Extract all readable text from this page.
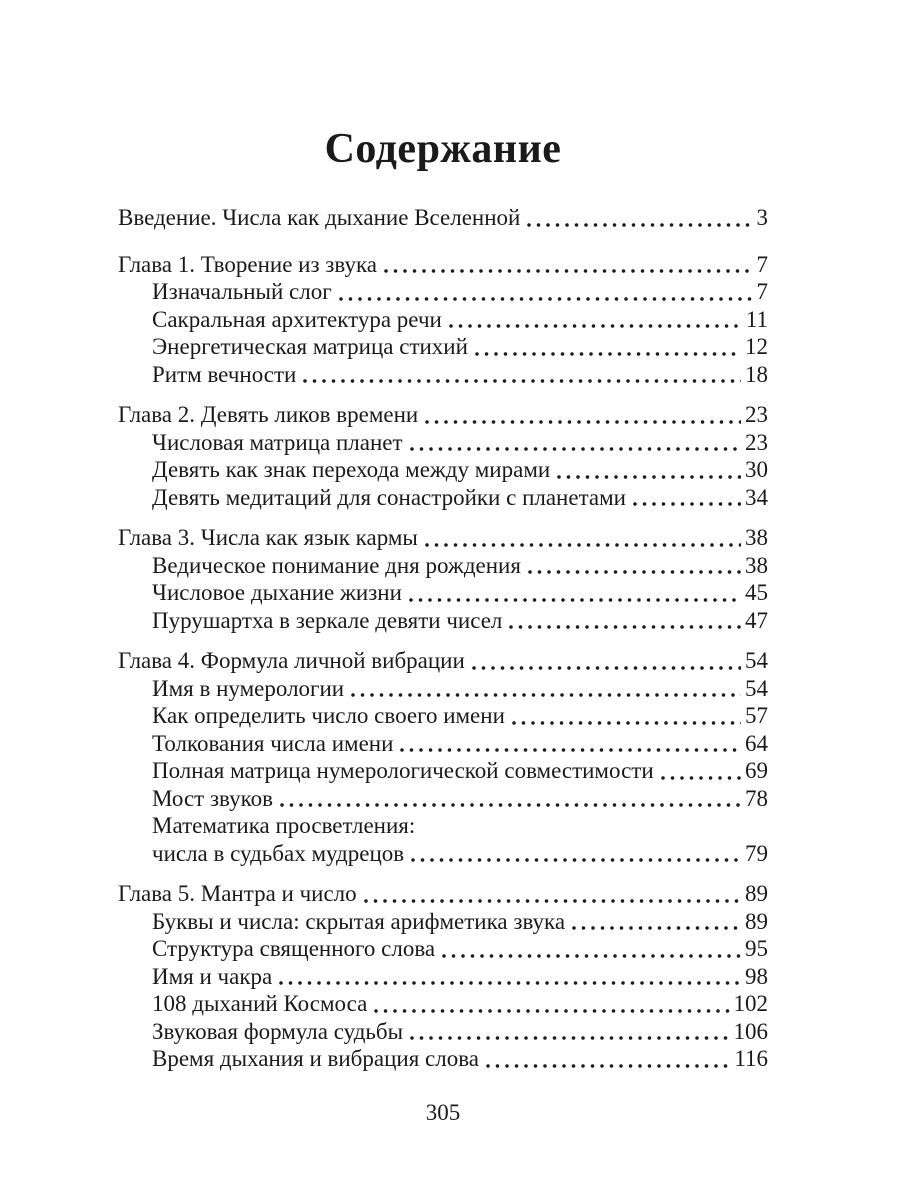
Содержание
Введение. Числа как дыхание Вселенной	3
Глава 1. Творение из звука	7
Изначальный слог	7
Сакральная архитектура речи	11
Энергетическая матрица стихий	12
Ритм вечности	18
Глава 2. Девять ликов времени	23
Числовая матрица планет	23
Девять как знак перехода между мирами	30
Девять медитаций для сонастройки с планетами	34
Глава 3. Числа как язык кармы	38
Ведическое понимание дня рождения	38
Числовое дыхание жизни	45
Пурушартха в зеркале девяти чисел	47
Глава 4. Формула личной вибрации	54
Имя в нумерологии	54
Как определить число своего имени	57
Толкования числа имени	64
Полная матрица нумерологической совместимости	69
Мост звуков	78
Математика просветления:
числа в судьбах мудрецов	79
Глава 5. Мантра и число	89
Буквы и числа: скрытая арифметика звука	89
Структура священного слова	95
Имя и чакра	98
108 дыханий Космоса	102
Звуковая формула судьбы	106
Время дыхания и вибрация слова	116
305
